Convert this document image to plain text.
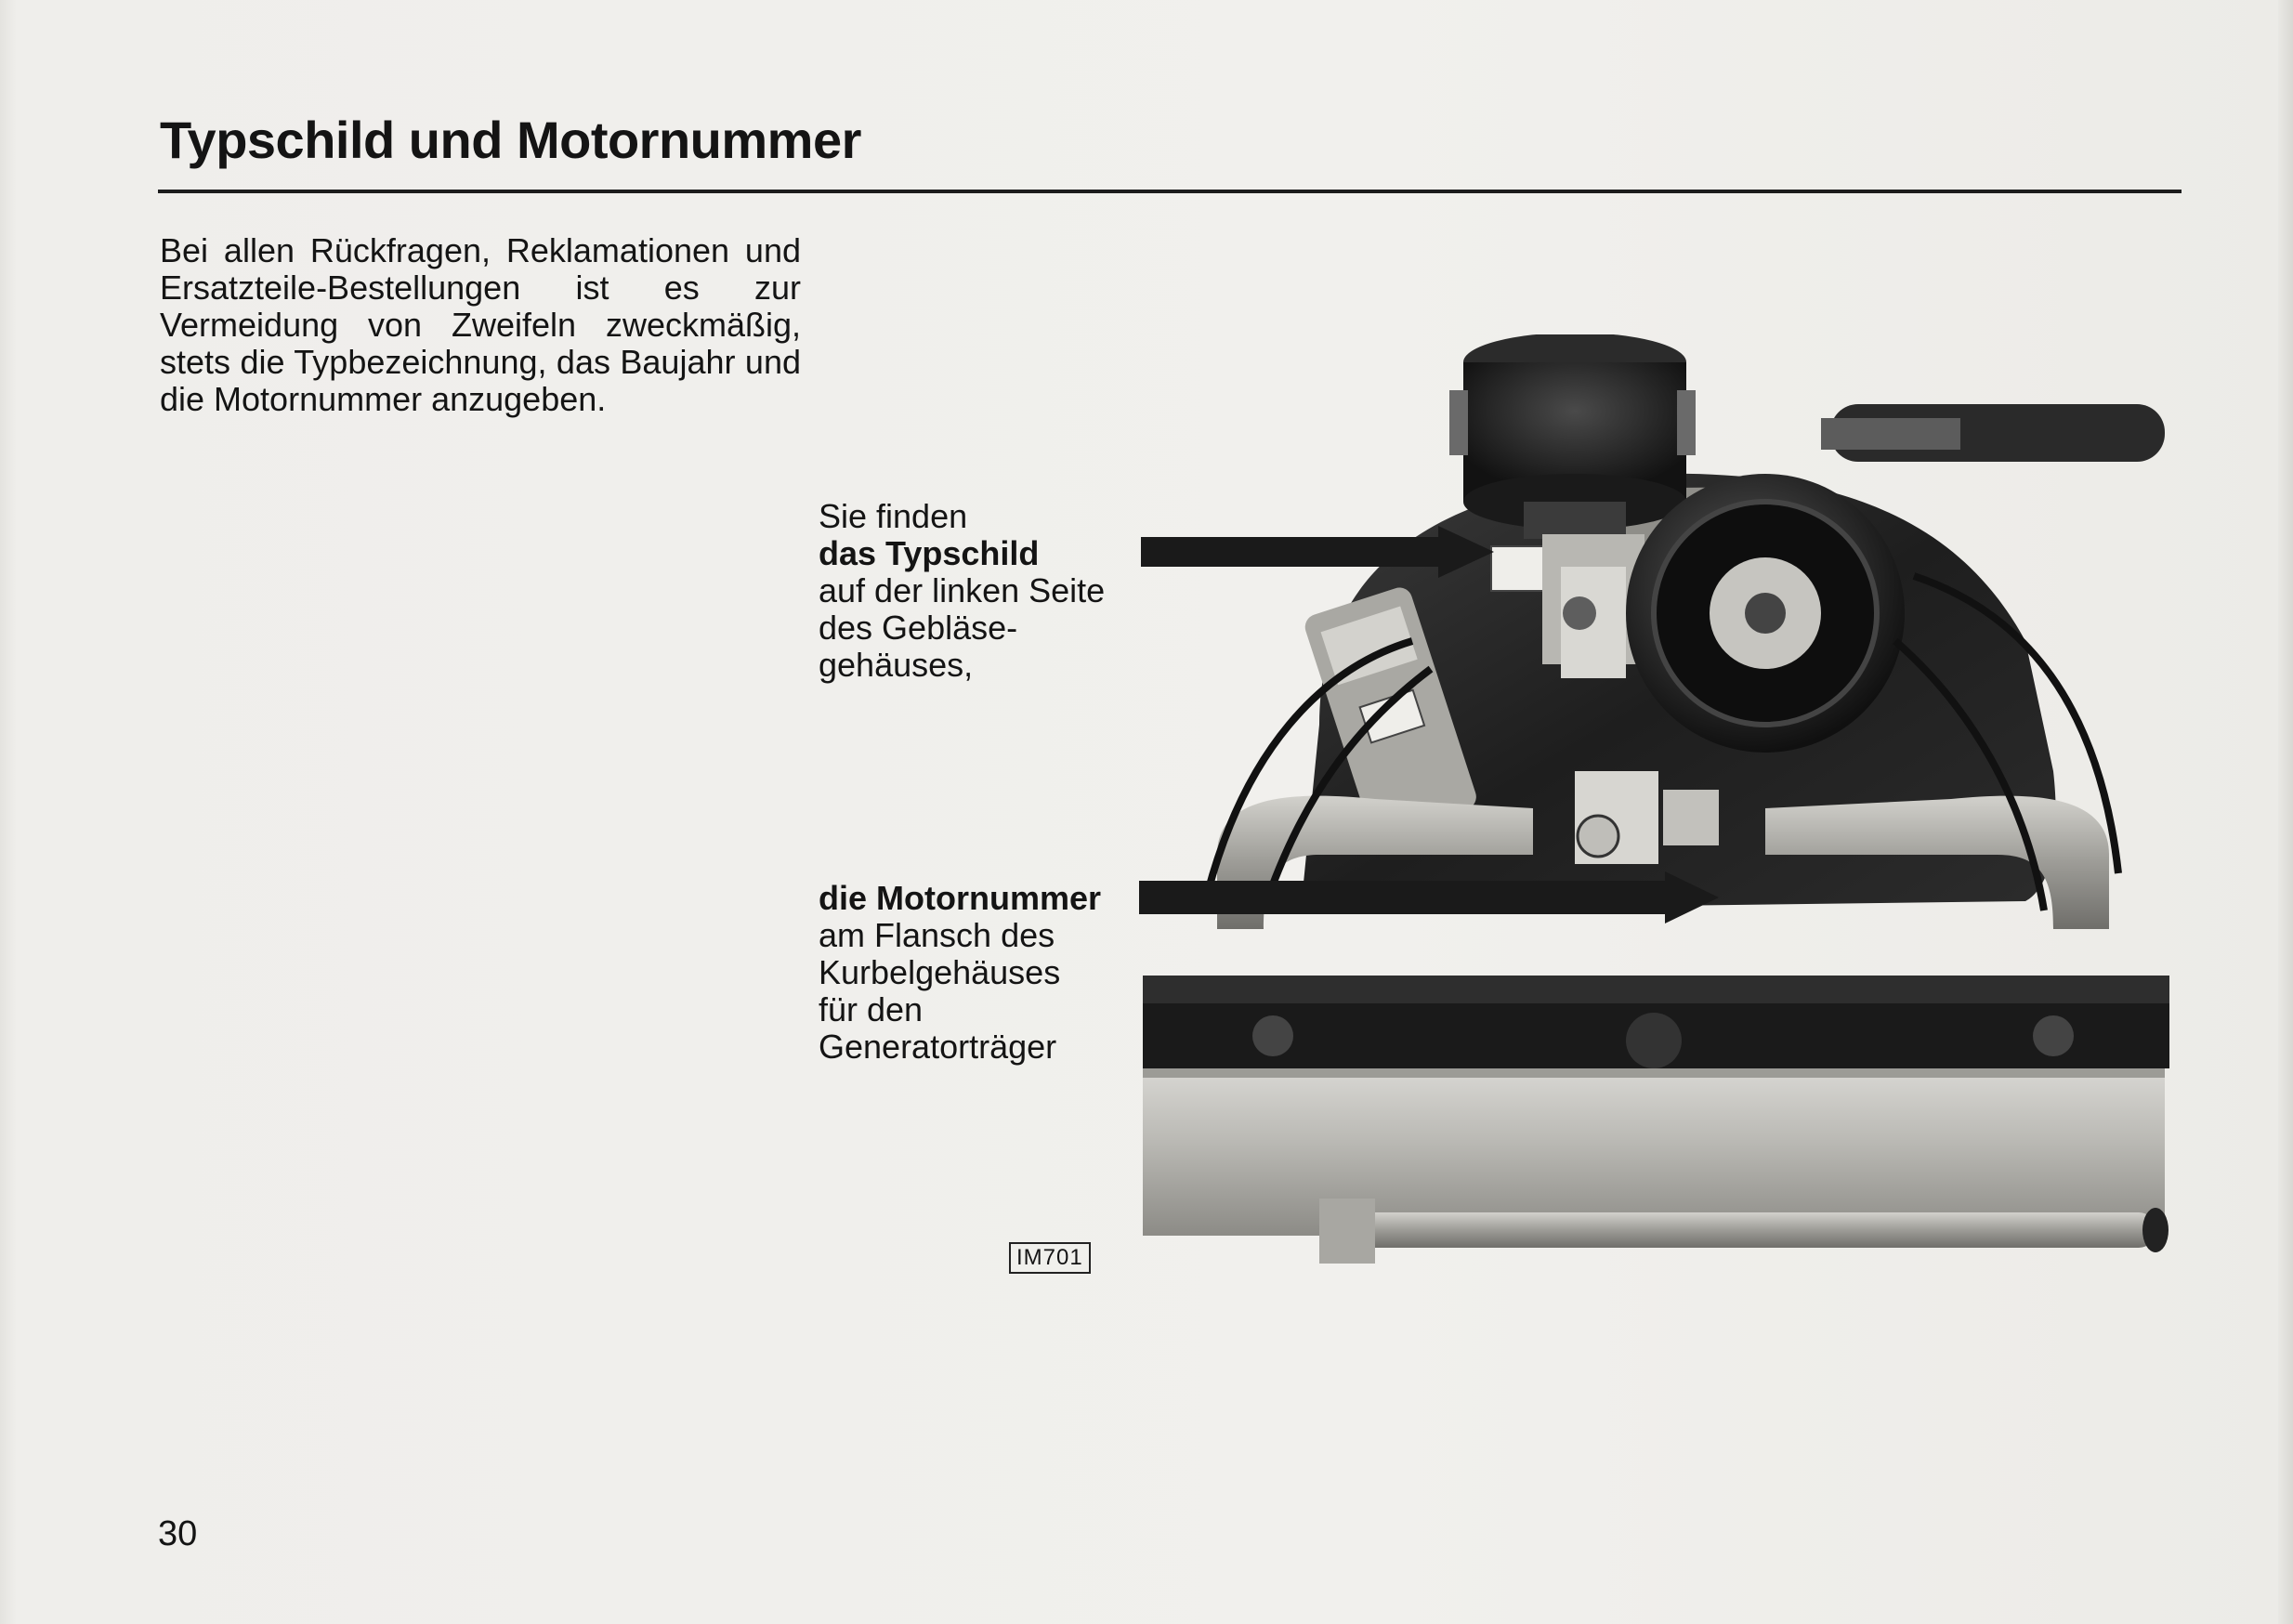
Typschild und Motornummer

Bei allen Rückfragen, Reklamationen und Ersatzteile-Bestellungen ist es zur Vermeidung von Zweifeln zweckmäßig, stets die Typbezeichnung, das Baujahr und die Motornummer anzugeben.

Sie finden
das Typschild
auf der linken Seite
des Gebläse-
gehäuses,
die Motornummer
am Flansch des
Kurbelgehäuses
für den
Generatorträger
IM701
30
